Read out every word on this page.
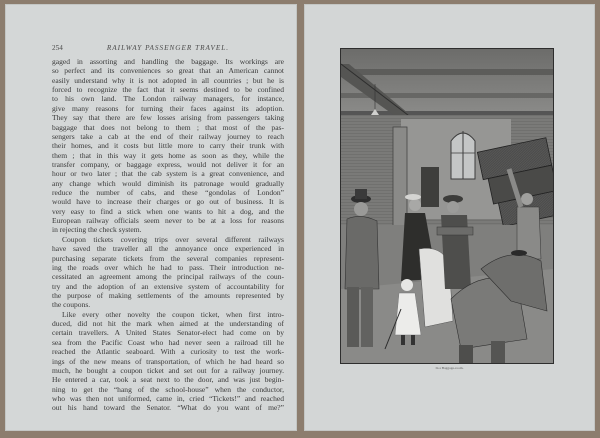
254	RAILWAY PASSENGER TRAVEL.
gaged in assorting and handling the baggage. Its workings are
so perfect and its conveniences so great that an American cannot
easily understand why it is not adopted in all countries ; but he is
forced to recognize the fact that it seems destined to be confined
to his own land. The London railway managers, for instance,
give many reasons for turning their faces against its adoption.
They say that there are few losses arising from passengers taking
baggage that does not belong to them ; that most of the pas-
sengers take a cab at the end of their railway journey to reach
their homes, and it costs but little more to carry their trunk with
them ; that in this way it gets home as soon as they, while the
transfer company, or baggage express, would not deliver it for an
hour or two later ; that the cab system is a great convenience, and
any change which would diminish its patronage would gradually
reduce the number of cabs, and these “gondolas of London”
would have to increase their charges or go out of business. It is
very easy to find a stick when one wants to hit a dog, and the
European railway officials seem never to be at a loss for reasons
in rejecting the check system.
Coupon tickets covering trips over several different railways
have saved the traveller all the annoyance once experienced in
purchasing separate tickets from the several companies represent-
ing the roads over which he had to pass. Their introduction ne-
cessitated an agreement among the principal railways of the coun-
try and the adoption of an extensive system of accountability for
the purpose of making settlements of the amounts represented by
the coupons.
Like every other novelty the coupon ticket, when first intro-
duced, did not hit the mark when aimed at the understanding of
certain travellers. A United States Senator-elect had come on by
sea from the Pacific Coast who had never seen a railroad till he
reached the Atlantic seaboard. With a curiosity to test the work-
ings of the new means of transportation, of which he had heard so
much, he bought a coupon ticket and set out for a railway journey.
He entered a car, took a seat next to the door, and was just begin-
ning to get the “hang of the school-house” when the conductor,
who was then not uniformed, came in, cried “Tickets!” and reached
out his hand toward the Senator. “What do you want of me?”
In a Baggage-room.
